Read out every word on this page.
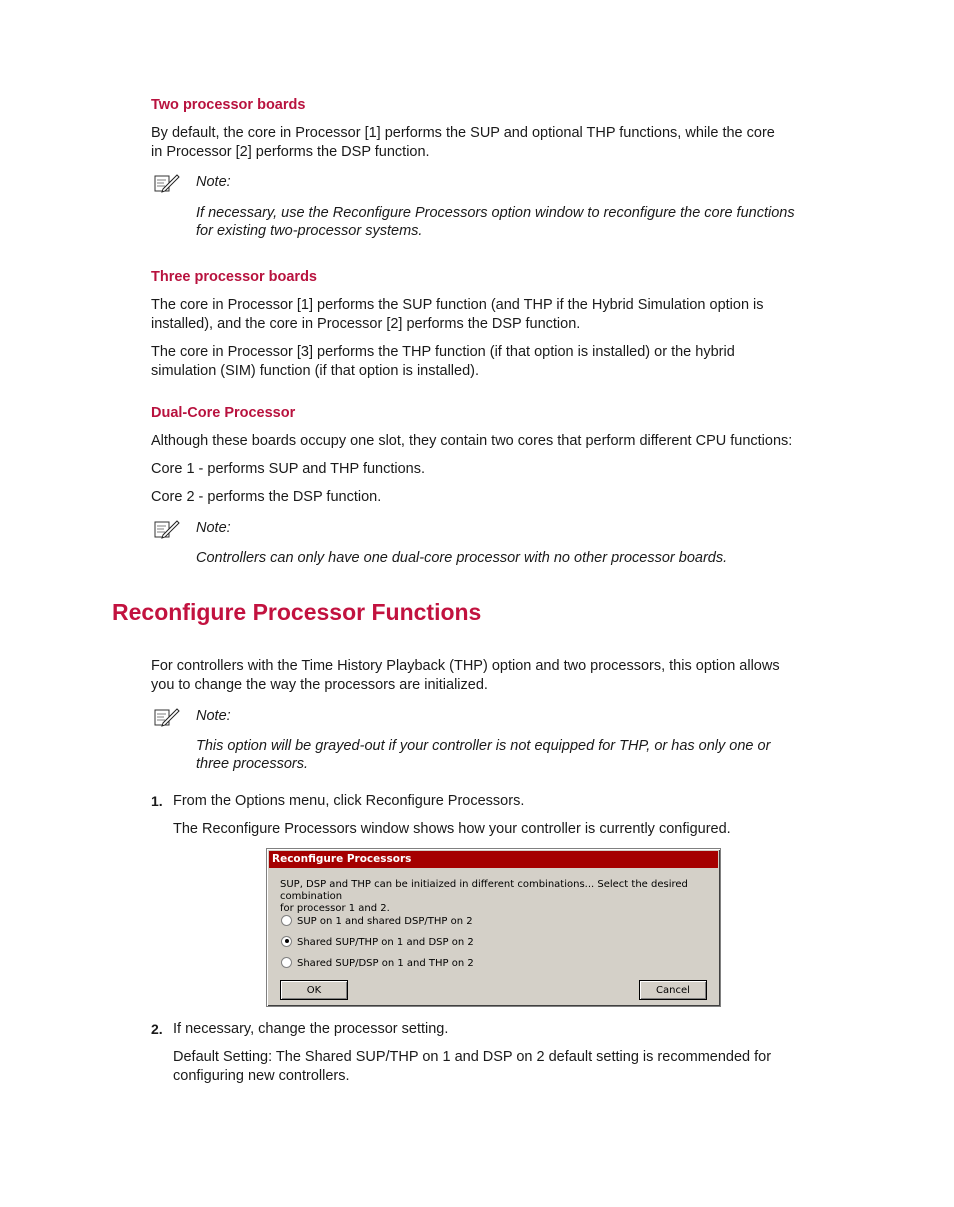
Two processor boards
By default, the core in Processor [1] performs the SUP and optional THP functions, while the core
in Processor [2] performs the DSP function.
Note:
If necessary, use the Reconfigure Processors option window to reconfigure the core functions
for existing two-processor systems.
Three processor boards
The core in Processor [1] performs the SUP function (and THP if the Hybrid Simulation option is
installed), and the core in Processor [2] performs the DSP function.
The core in Processor [3] performs the THP function (if that option is installed) or the hybrid
simulation (SIM) function (if that option is installed).
Dual-Core Processor
Although these boards occupy one slot, they contain two cores that perform different CPU functions:
Core 1 - performs SUP and THP functions.
Core 2 - performs the DSP function.
Note:
Controllers can only have one dual-core processor with no other processor boards.
Reconfigure Processor Functions
For controllers with the Time History Playback (THP) option and two processors, this option allows
you to change the way the processors are initialized.
Note:
This option will be grayed-out if your controller is not equipped for THP, or has only one or
three processors.
1. From the Options menu, click Reconfigure Processors.
The Reconfigure Processors window shows how your controller is currently configured.
Reconfigure Processors
SUP, DSP and THP can be initiaized in different combinations... Select the desired combination
for processor 1 and 2.
SUP on 1 and shared DSP/THP on 2
Shared SUP/THP on 1 and DSP on 2
Shared SUP/DSP on 1 and THP on 2
OK	Cancel
2. If necessary, change the processor setting.
Default Setting: The Shared SUP/THP on 1 and DSP on 2 default setting is recommended for
configuring new controllers.
